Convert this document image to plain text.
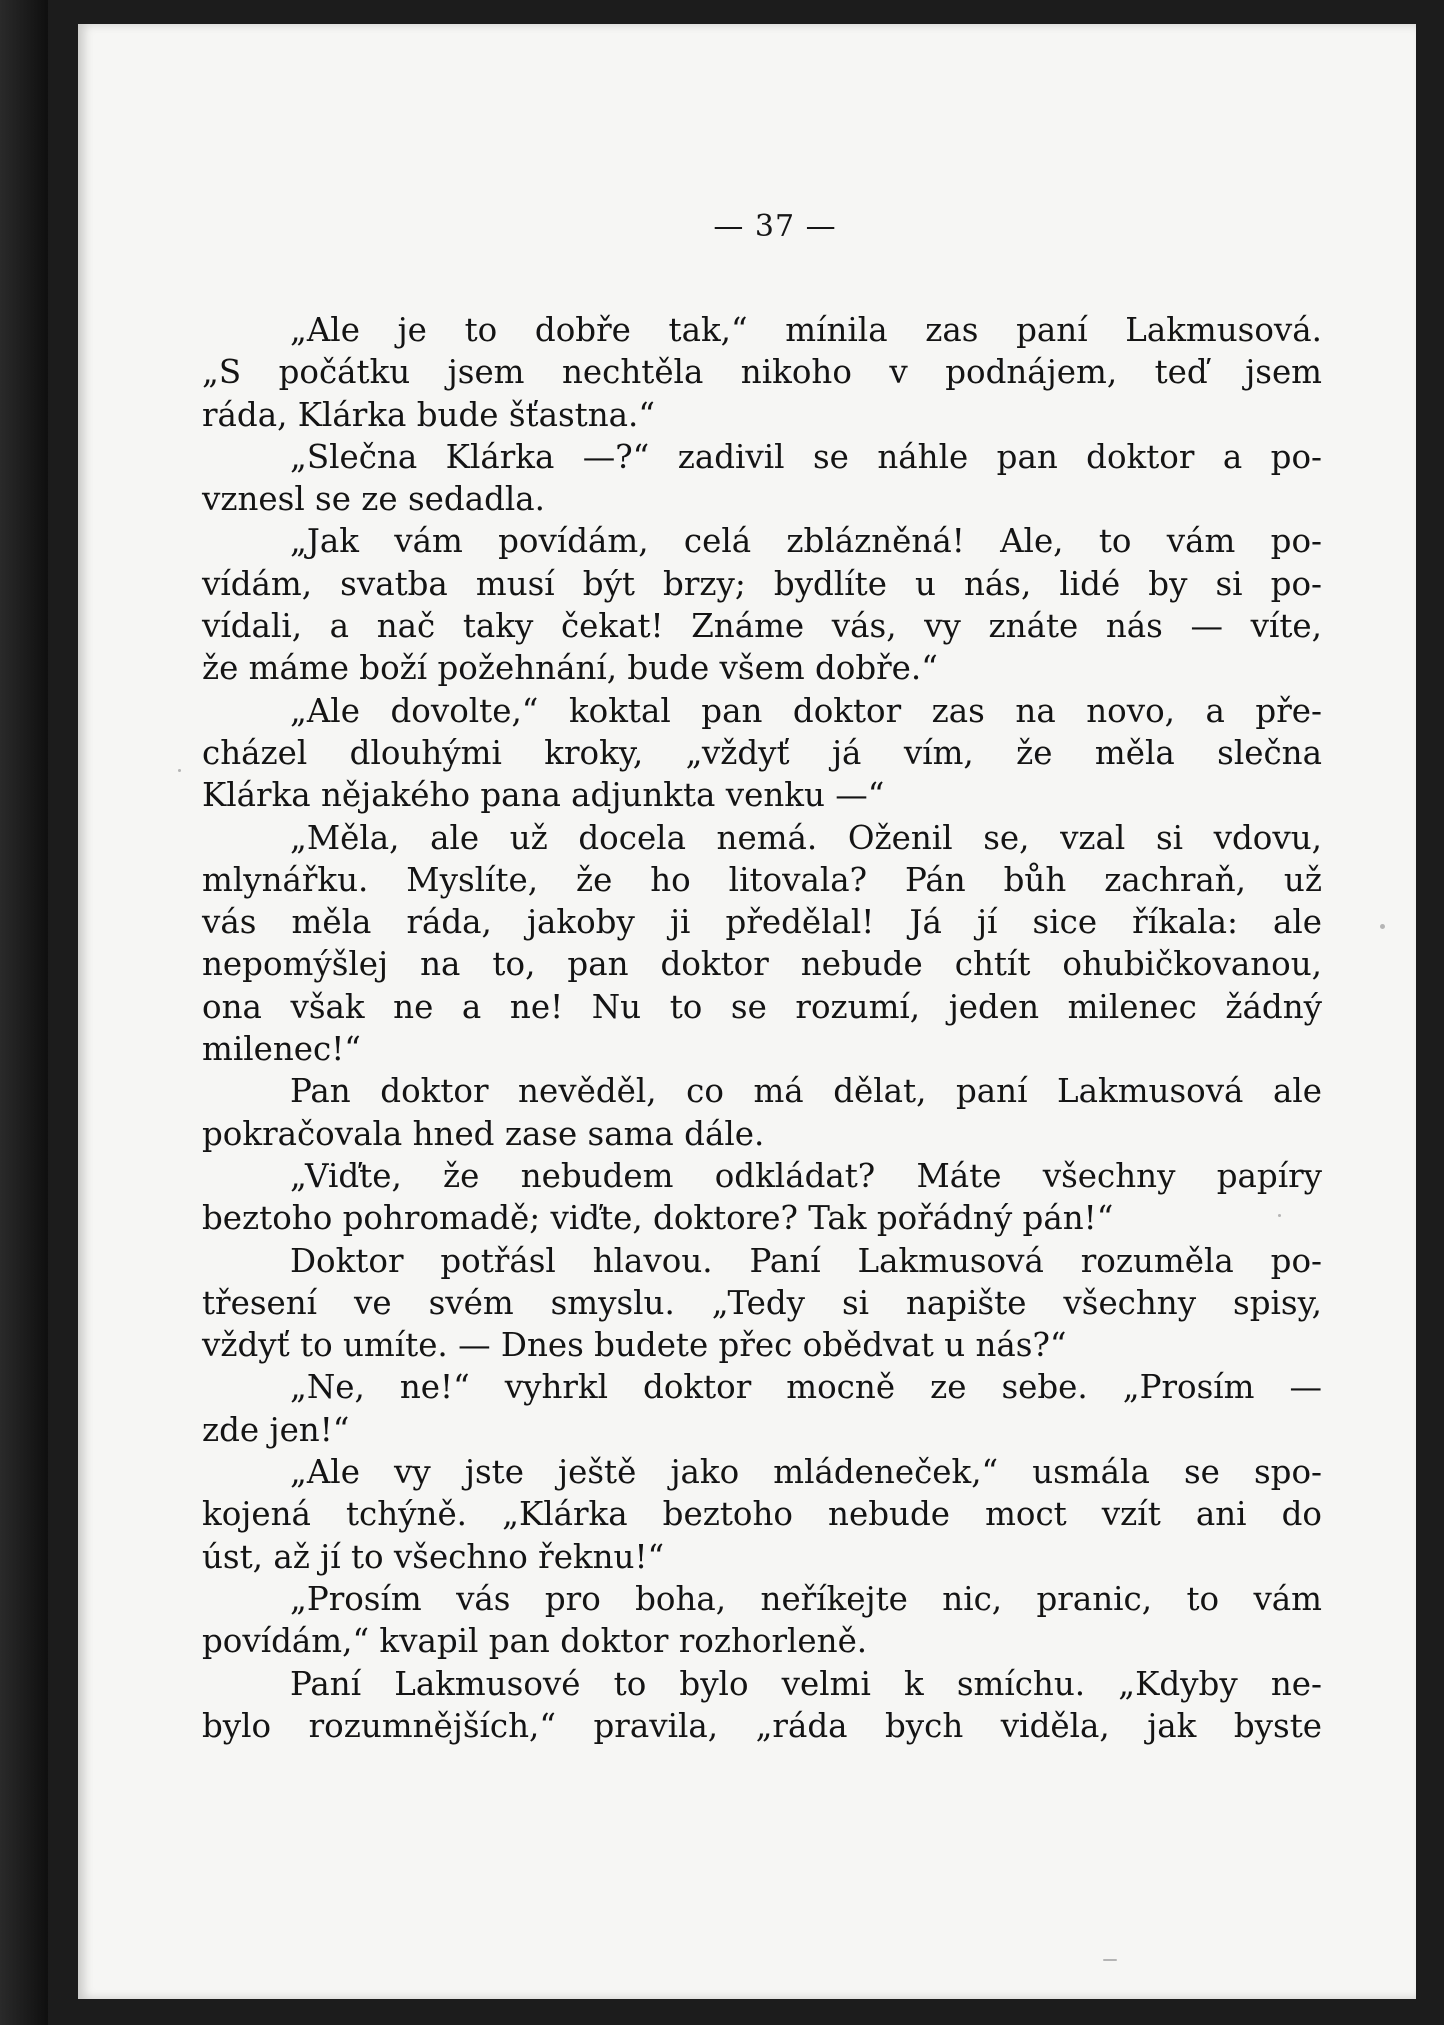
— 37 —
„Ale je to dobře tak,“ mínila zas paní Lakmusová.
„S počátku jsem nechtěla nikoho v podnájem, teď jsem
ráda, Klárka bude šťastna.“
„Slečna Klárka —?“ zadivil se náhle pan doktor a po-
vznesl se ze sedadla.
„Jak vám povídám, celá zblázněná! Ale, to vám po-
vídám, svatba musí být brzy; bydlíte u nás, lidé by si po-
vídali, a nač taky čekat! Známe vás, vy znáte nás — víte,
že máme boží požehnání, bude všem dobře.“
„Ale dovolte,“ koktal pan doktor zas na novo, a pře-
cházel dlouhými kroky, „vždyť já vím, že měla slečna
Klárka nějakého pana adjunkta venku —“
„Měla, ale už docela nemá. Oženil se, vzal si vdovu,
mlynářku. Myslíte, že ho litovala? Pán bůh zachraň, už
vás měla ráda, jakoby ji předělal! Já jí sice říkala: ale
nepomýšlej na to, pan doktor nebude chtít ohubičkovanou,
ona však ne a ne! Nu to se rozumí, jeden milenec žádný
milenec!“
Pan doktor nevěděl, co má dělat, paní Lakmusová ale
pokračovala hned zase sama dále.
„Viďte, že nebudem odkládat? Máte všechny papíry
beztoho pohromadě; viďte, doktore? Tak pořádný pán!“
Doktor potřásl hlavou. Paní Lakmusová rozuměla po-
třesení ve svém smyslu. „Tedy si napište všechny spisy,
vždyť to umíte. — Dnes budete přec obědvat u nás?“
„Ne, ne!“ vyhrkl doktor mocně ze sebe. „Prosím —
zde jen!“
„Ale vy jste ještě jako mládeneček,“ usmála se spo-
kojená tchýně. „Klárka beztoho nebude moct vzít ani do
úst, až jí to všechno řeknu!“
„Prosím vás pro boha, neříkejte nic, pranic, to vám
povídám,“ kvapil pan doktor rozhorleně.
Paní Lakmusové to bylo velmi k smíchu. „Kdyby ne-
bylo rozumnějších,“ pravila, „ráda bych viděla, jak byste
